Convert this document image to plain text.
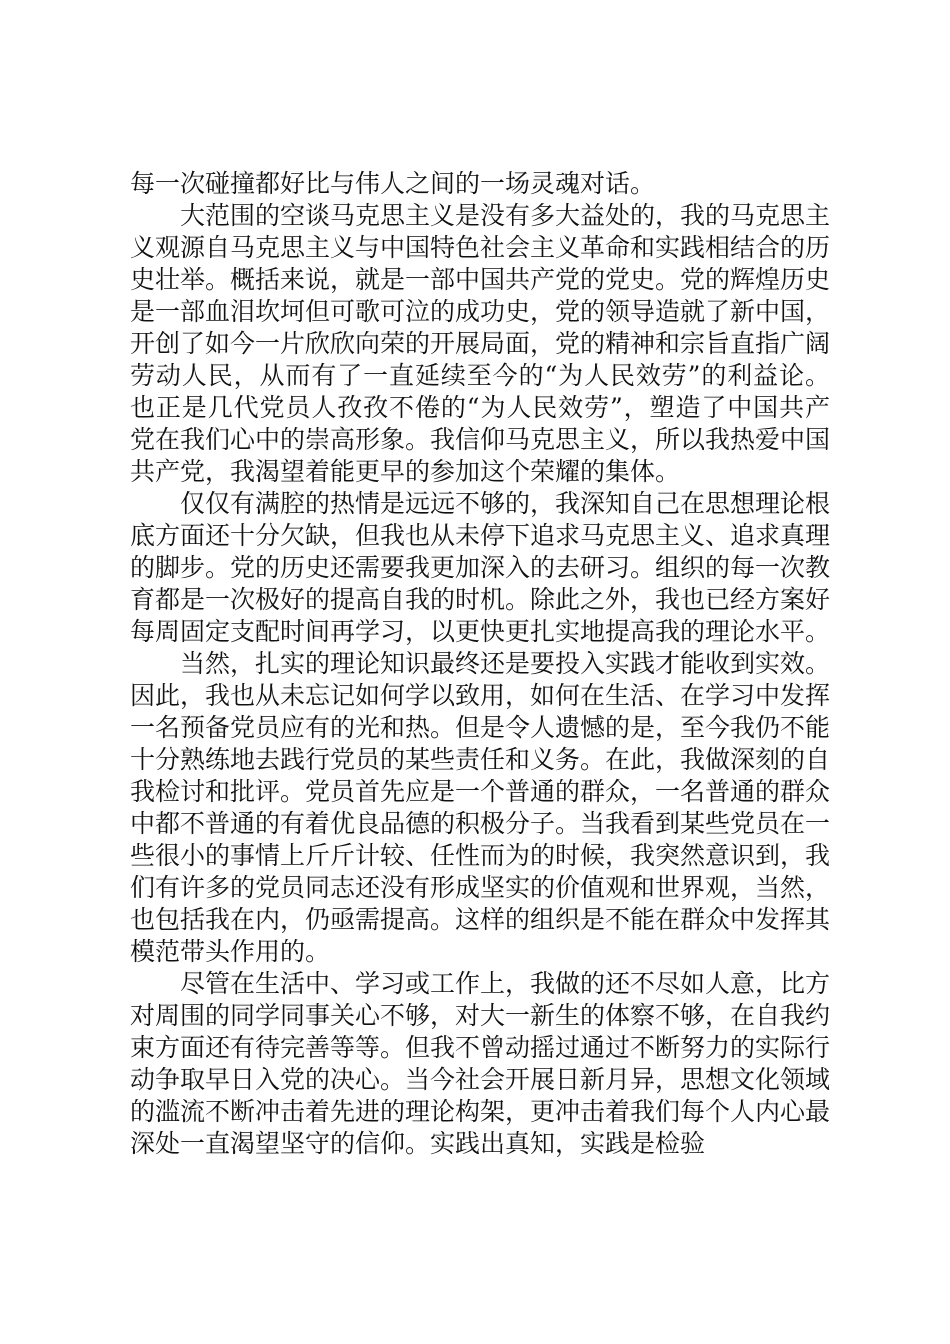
每一次碰撞都好比与伟人之间的一场灵魂对话。

大范围的空谈马克思主义是没有多大益处的，我的马克思主义观源自马克思主义与中国特色社会主义革命和实践相结合的历史壮举。概括来说，就是一部中国共产党的党史。党的辉煌历史是一部血泪坎坷但可歌可泣的成功史，党的领导造就了新中国，开创了如今一片欣欣向荣的开展局面，党的精神和宗旨直指广阔劳动人民，从而有了一直延续至今的“为人民效劳”的利益论。也正是几代党员人孜孜不倦的“为人民效劳”，塑造了中国共产党在我们心中的崇高形象。我信仰马克思主义，所以我热爱中国共产党，我渴望着能更早的参加这个荣耀的集体。

仅仅有满腔的热情是远远不够的，我深知自己在思想理论根底方面还十分欠缺，但我也从未停下追求马克思主义、追求真理的脚步。党的历史还需要我更加深入的去研习。组织的每一次教育都是一次极好的提高自我的时机。除此之外，我也已经方案好每周固定支配时间再学习，以更快更扎实地提高我的理论水平。

当然，扎实的理论知识最终还是要投入实践才能收到实效。因此，我也从未忘记如何学以致用，如何在生活、在学习中发挥一名预备党员应有的光和热。但是令人遗憾的是，至今我仍不能十分熟练地去践行党员的某些责任和义务。在此，我做深刻的自我检讨和批评。党员首先应是一个普通的群众，一名普通的群众中都不普通的有着优良品德的积极分子。当我看到某些党员在一些很小的事情上斤斤计较、任性而为的时候，我突然意识到，我们有许多的党员同志还没有形成坚实的价值观和世界观，当然，也包括我在内，仍亟需提高。这样的组织是不能在群众中发挥其模范带头作用的。

尽管在生活中、学习或工作上，我做的还不尽如人意，比方对周围的同学同事关心不够，对大一新生的体察不够，在自我约束方面还有待完善等等。但我不曾动摇过通过不断努力的实际行动争取早日入党的决心。当今社会开展日新月异，思想文化领域的滥流不断冲击着先进的理论构架，更冲击着我们每个人内心最深处一直渴望坚守的信仰。实践出真知，实践是检验
